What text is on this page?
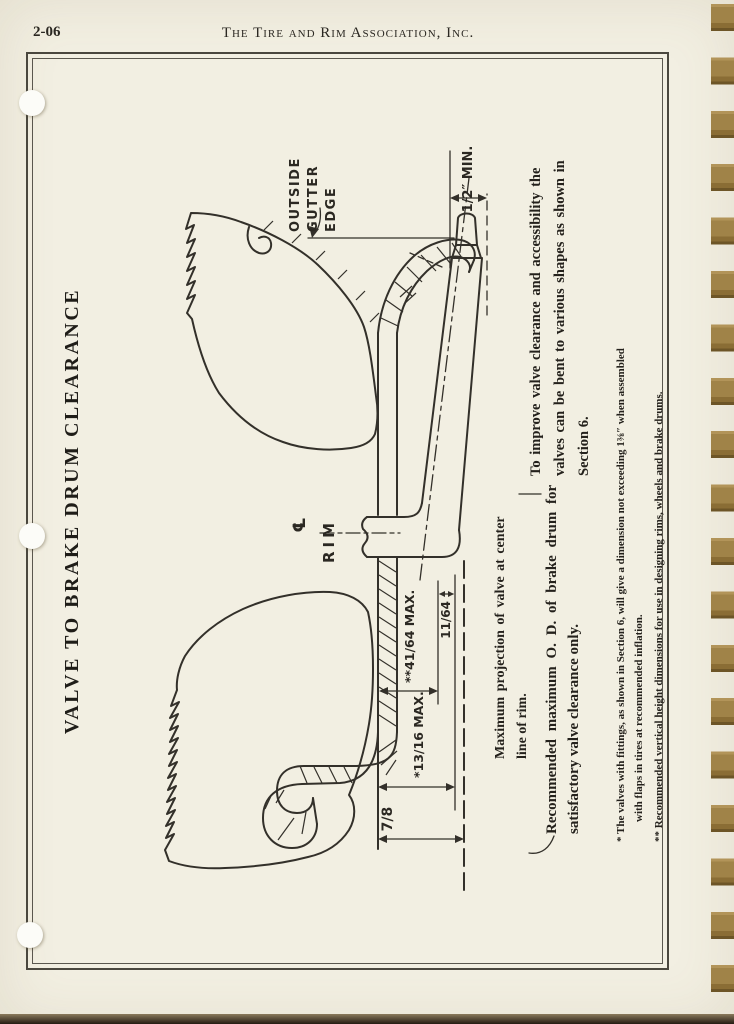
2-06	The Tire and Rim Association, Inc.
VALVE TO BRAKE DRUM CLEARANCE	℄ RIM
OUTSIDE GUTTER EDGE	1/2″ MIN.
7/8
*13/16 MAX.
**41/64 MAX. 11/64	Maximum projection of valve at center line of rim. Recommended maximum O. D. of brake drum for satisfactory valve clearance only.
To improve valve clearance and accessibility the valves can be bent to various shapes as shown in Section 6. * The valves with fittings, as shown in Section 6, will give a dimension not exceeding 1⅜″ when assembled with flaps in tires at recommended inflation. ** Recommended vertical height dimensions for use in designing rims, wheels and brake drums.
